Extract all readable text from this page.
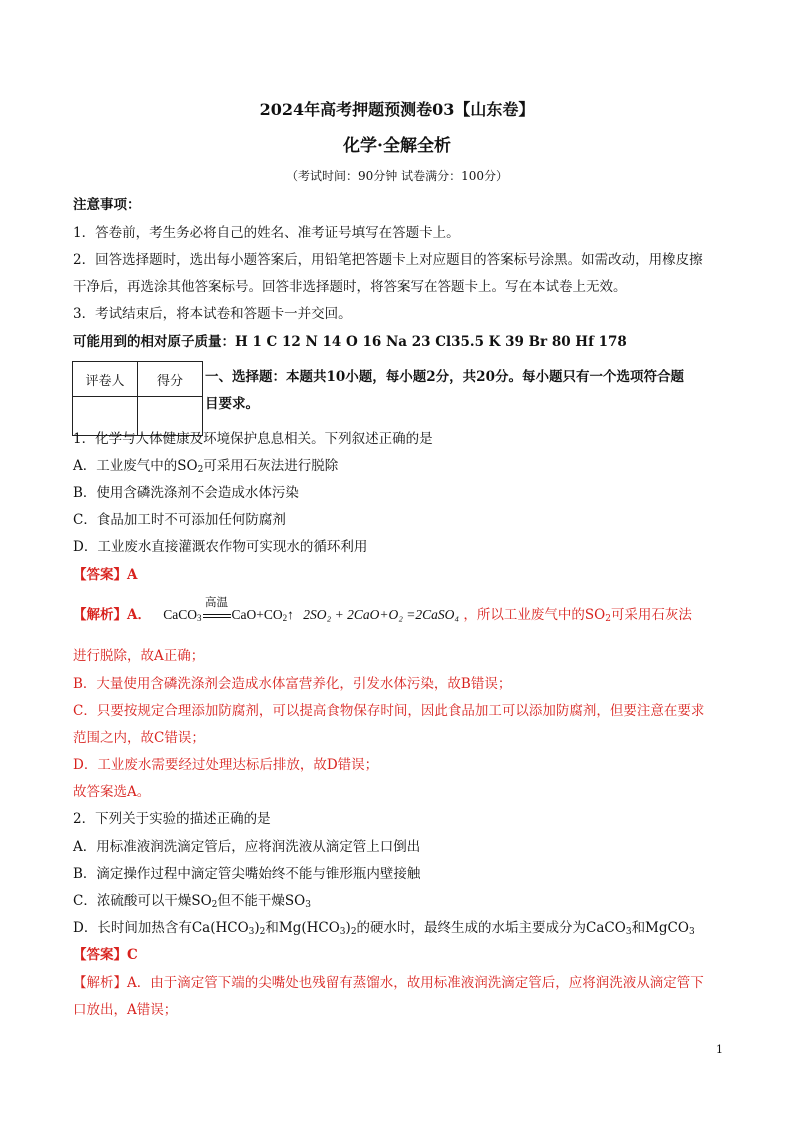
2024年高考押题预测卷03【山东卷】
化学·全解全析
（考试时间：90分钟 试卷满分：100分）
注意事项：
1．答卷前，考生务必将自己的姓名、准考证号填写在答题卡上。
2．回答选择题时，选出每小题答案后，用铅笔把答题卡上对应题目的答案标号涂黑。如需改动，用橡皮擦
干净后，再选涂其他答案标号。回答非选择题时，将答案写在答题卡上。写在本试卷上无效。
3．考试结束后，将本试卷和答题卡一并交回。
可能用到的相对原子质量：H 1 C 12 N 14 O 16 Na 23 Cl35.5 K 39 Br 80 Hf 178
评卷人	得分
	一、选择题：本题共10小题，每小题2分，共20分。每小题只有一个选项符合题
目要求。
1．化学与人体健康及环境保护息息相关。下列叙述正确的是
A．工业废气中的$SO_2$可采用石灰法进行脱除
B．使用含磷洗涤剂不会造成水体污染
C．食品加工时不可添加任何防腐剂
D．工业废水直接灌溉农作物可实现水的循环利用
【答案】A
【解析】A． CaCO$_3$
高温
$CaO+CO_2↑$ 2SO₂ + 2CaO+O₂ =2CaSO₄ ，所以工业废气中的$SO_2$可采用石灰法
进行脱除，故A正确；
B．大量使用含磷洗涤剂会造成水体富营养化，引发水体污染，故B错误；
C．只要按规定合理添加防腐剂，可以提高食物保存时间，因此食品加工可以添加防腐剂，但要注意在要求
范围之内，故C错误；
D．工业废水需要经过处理达标后排放，故D错误；
故答案选A。
2．下列关于实验的描述正确的是
A．用标准液润洗滴定管后，应将润洗液从滴定管上口倒出
B．滴定操作过程中滴定管尖嘴始终不能与锥形瓶内壁接触
C．浓硫酸可以干燥$SO_2$但不能干燥$SO_3$
D．长时间加热含有$Ca(HCO_3)_2$和$Mg(HCO_3)_2$的硬水时，最终生成的水垢主要成分为CaCO$_3$和MgCO$_3$
【答案】C
【解析】A．由于滴定管下端的尖嘴处也残留有蒸馏水，故用标准液润洗滴定管后，应将润洗液从滴定管下
口放出，A错误；
1
